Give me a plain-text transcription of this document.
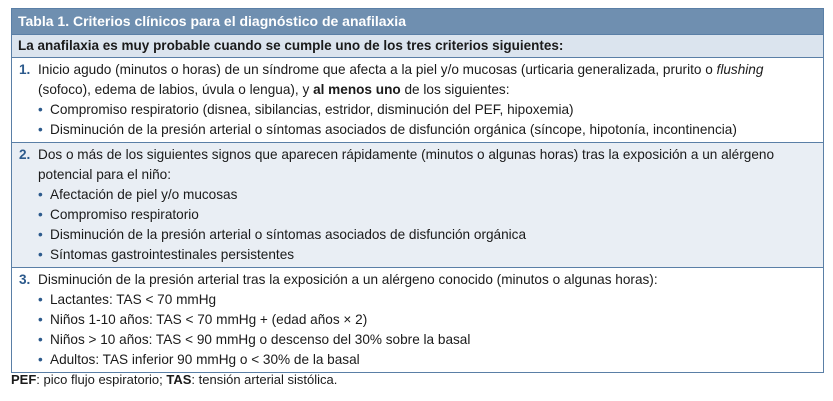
Tabla 1. Criterios clínicos para el diagnóstico de anafilaxia
La anafilaxia es muy probable cuando se cumple uno de los tres criterios siguientes:
1. Inicio agudo (minutos o horas) de un síndrome que afecta a la piel y/o mucosas (urticaria generalizada, prurito o flushing (sofoco), edema de labios, úvula o lengua), y al menos uno de los siguientes:

• Compromiso respiratorio (disnea, sibilancias, estridor, disminución del PEF, hipoxemia)
• Disminución de la presión arterial o síntomas asociados de disfunción orgánica (síncope, hipotonía, incontinencia)
2. Dos o más de los siguientes signos que aparecen rápidamente (minutos o algunas horas) tras la exposición a un alérgeno potencial para el niño:

• Afectación de piel y/o mucosas
• Compromiso respiratorio
• Disminución de la presión arterial o síntomas asociados de disfunción orgánica
• Síntomas gastrointestinales persistentes
3. Disminución de la presión arterial tras la exposición a un alérgeno conocido (minutos o algunas horas):

• Lactantes: TAS < 70 mmHg
• Niños 1-10 años: TAS < 70 mmHg + (edad años × 2)
• Niños > 10 años: TAS < 90 mmHg o descenso del 30% sobre la basal
• Adultos: TAS inferior 90 mmHg o < 30% de la basal
PEF: pico flujo espiratorio; TAS: tensión arterial sistólica.
